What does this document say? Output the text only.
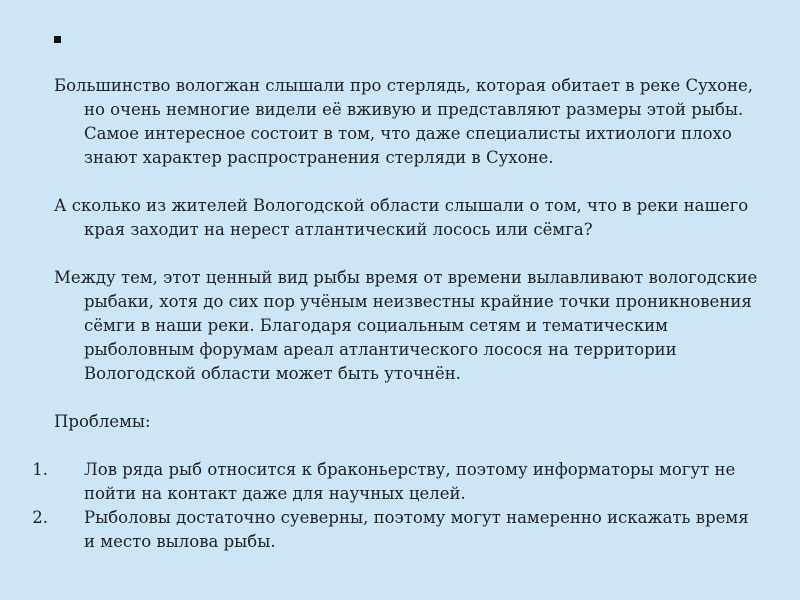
Большинство вологжан слышали про стерлядь, которая обитает в реке Сухоне, но очень немногие видели её вживую и представляют размеры этой рыбы. Самое интересное состоит в том, что даже специалисты ихтиологи плохо знают характер распространения стерляди в Сухоне.

А сколько из жителей Вологодской области слышали о том, что в реки нашего края заходит на нерест атлантический лосось или сёмга?

Между тем, этот ценный вид рыбы время от времени вылавливают вологодские рыбаки, хотя до сих пор учёным неизвестны крайние точки проникновения сёмги в наши реки. Благодаря социальным сетям и тематическим рыболовным форумам ареал атлантического лосося на территории Вологодской области может быть уточнён.

Проблемы:

1. Лов ряда рыб относится к браконьерству, поэтому информаторы могут не пойти на контакт даже для научных целей.
2. Рыболовы достаточно суеверны, поэтому могут намеренно искажать время и место вылова рыбы.
